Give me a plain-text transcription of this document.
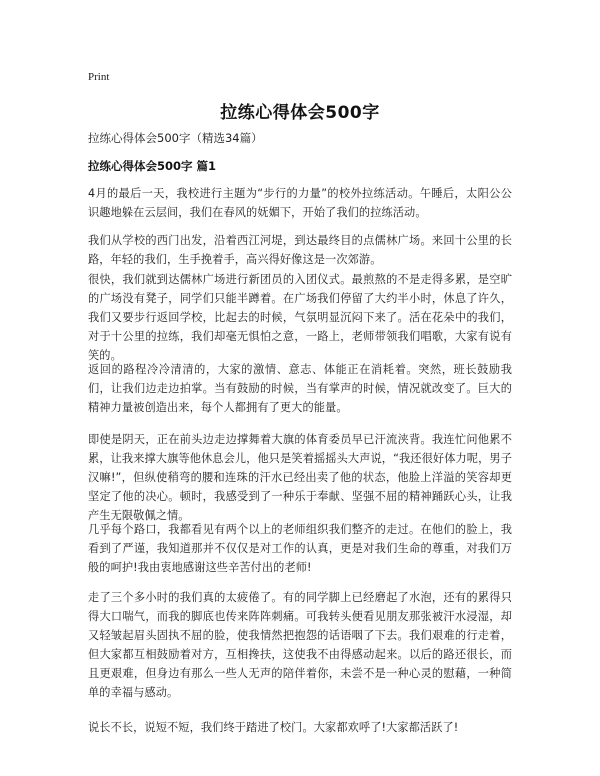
Print
拉练心得体会500字
拉练心得体会500字（精选34篇）
拉练心得体会500字 篇1

4月的最后一天，我校进行主题为“步行的力量”的校外拉练活动。午睡后，太阳公公识趣地躲在云层间，我们在春风的妩媚下，开始了我们的拉练活动。

我们从学校的西门出发，沿着西江河堤，到达最终目的点儒林广场。来回十公里的长路，年轻的我们，生手挽着手，高兴得好像这是一次郊游。

很快，我们就到达儒林广场进行新团员的入团仪式。最煎熬的不是走得多累，是空旷的广场没有凳子，同学们只能半蹲着。在广场我们停留了大约半小时，休息了许久，我们又要步行返回学校，比起去的时候，气氛明显沉闷下来了。活在花朵中的我们，对于十公里的拉练，我们却毫无惧怕之意，一路上，老师带领我们唱歌，大家有说有笑的。

返回的路程冷冷清清的，大家的激情、意志、体能正在消耗着。突然，班长鼓励我们，让我们边走边拍掌。当有鼓励的时候，当有掌声的时候，情况就改变了。巨大的精神力量被创造出来，每个人都拥有了更大的能量。

即使是阴天，正在前头边走边撑舞着大旗的体育委员早已汗流浃背。我连忙问他累不累，让我来撑大旗等他休息会儿，他只是笑着摇摇头大声说，“我还很好体力呢，男子汉嘛!”，但纵使稍弯的腰和连珠的汗水已经出卖了他的状态，他脸上洋溢的笑容却更坚定了他的决心。顿时，我感受到了一种乐于奉献、坚强不屈的精神踊跃心头，让我产生无限敬佩之情。

几乎每个路口，我都看见有两个以上的老师组织我们整齐的走过。在他们的脸上，我看到了严谨，我知道那并不仅仅是对工作的认真，更是对我们生命的尊重，对我们万般的呵护!我由衷地感谢这些辛苦付出的老师!

走了三个多小时的我们真的太疲倦了。有的同学脚上已经磨起了水泡，还有的累得只得大口喘气，而我的脚底也传来阵阵刺痛。可我转头便看见朋友那张被汗水浸湿，却又轻皱起眉头固执不屈的脸，使我情然把抱怨的话语咽了下去。我们艰难的行走着，但大家都互相鼓励着对方，互相搀扶，这使我不由得感动起来。以后的路还很长，而且更艰难，但身边有那么一些人无声的陪伴着你，未尝不是一种心灵的慰藉，一种简单的幸福与感动。

说长不长，说短不短，我们终于踏进了校门。大家都欢呼了!大家都活跃了!
